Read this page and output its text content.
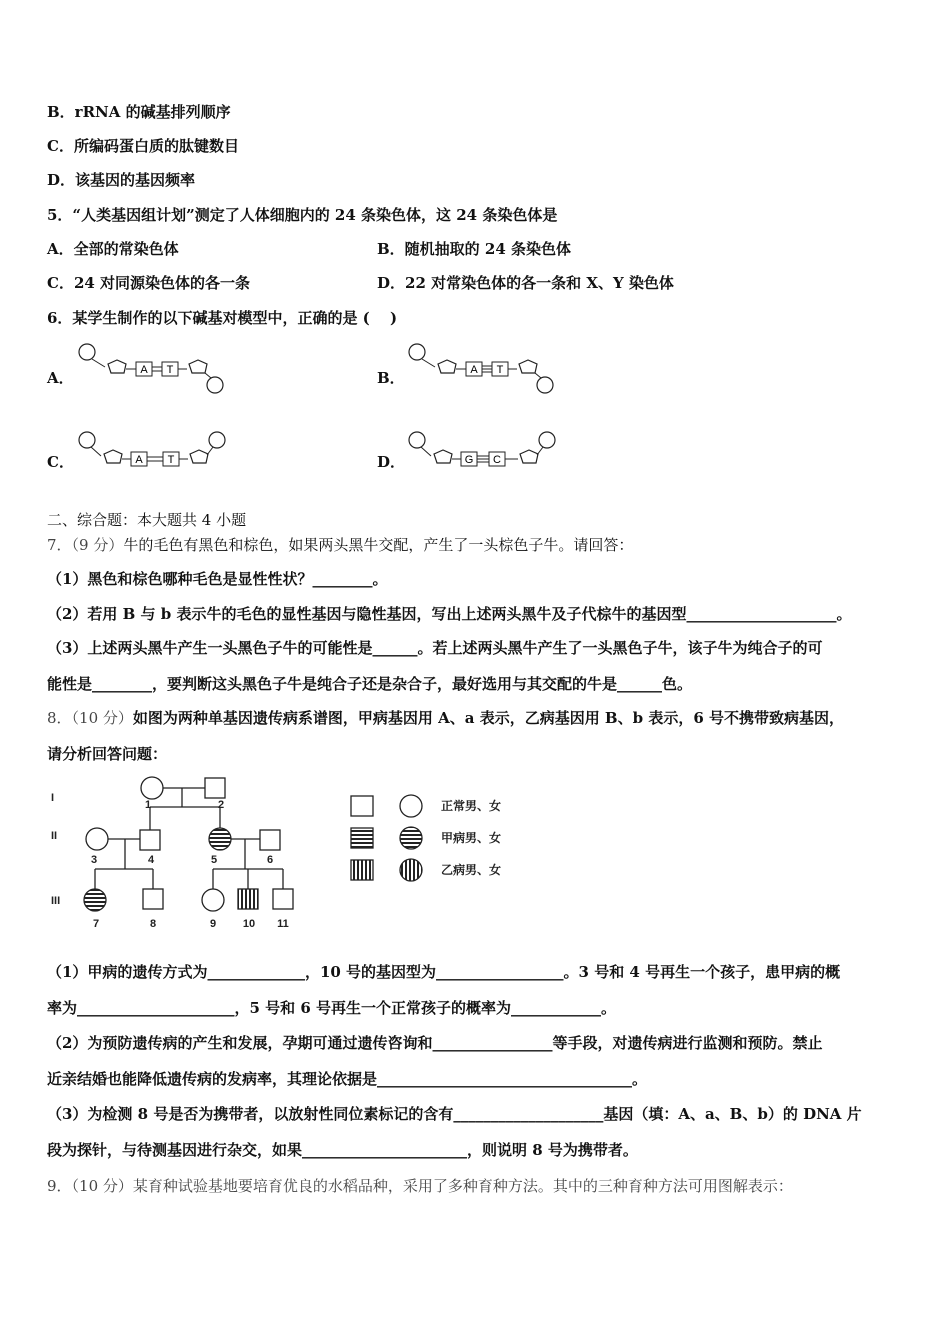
B．rRNA 的碱基排列顺序
C．所编码蛋白质的肽键数目
D．该基因的基因频率
5．“人类基因组计划”测定了人体细胞内的 24 条染色体，这 24 条染色体是
A．全部的常染色体	B．随机抽取的 24 条染色体
C．24 对同源染色体的各一条	D．22 对常染色体的各一条和 X、Y 染色体
6．某学生制作的以下碱基对模型中，正确的是 (　 )
A．	A T	B．	A T
C．	A T	D．	G C
二、综合题：本大题共 4 小题
7．（9 分）牛的毛色有黑色和棕色，如果两头黑牛交配，产生了一头棕色子牛。请回答：
（1）黑色和棕色哪种毛色是显性性状？________。
（2）若用 B 与 b 表示牛的毛色的显性基因与隐性基因，写出上述两头黑牛及子代棕牛的基因型____________________。
（3）上述两头黑牛产生一头黑色子牛的可能性是______。若上述两头黑牛产生了一头黑色子牛，该子牛为纯合子的可
能性是________，要判断这头黑色子牛是纯合子还是杂合子，最好选用与其交配的牛是______色。
8．（10 分）如图为两种单基因遗传病系谱图，甲病基因用 A、a 表示，乙病基因用 B、b 表示，6 号不携带致病基因，
请分析回答问题：
I
II
III
1	2
3	4	5	6
7	8	9 10 11
正常男、女
甲病男、女
乙病男、女
（1）甲病的遗传方式为_____________，10 号的基因型为_________________。3 号和 4 号再生一个孩子，患甲病的概
率为_____________________，5 号和 6 号再生一个正常孩子的概率为____________。
（2）为预防遗传病的产生和发展，孕期可通过遗传咨询和________________等手段，对遗传病进行监测和预防。禁止
近亲结婚也能降低遗传病的发病率，其理论依据是__________________________________。
（3）为检测 8 号是否为携带者，以放射性同位素标记的含有____________________基因（填：A、a、B、b）的 DNA 片
段为探针，与待测基因进行杂交，如果______________________，则说明 8 号为携带者。
9．（10 分）某育种试验基地要培育优良的水稻品种，采用了多种育种方法。其中的三种育种方法可用图解表示：
